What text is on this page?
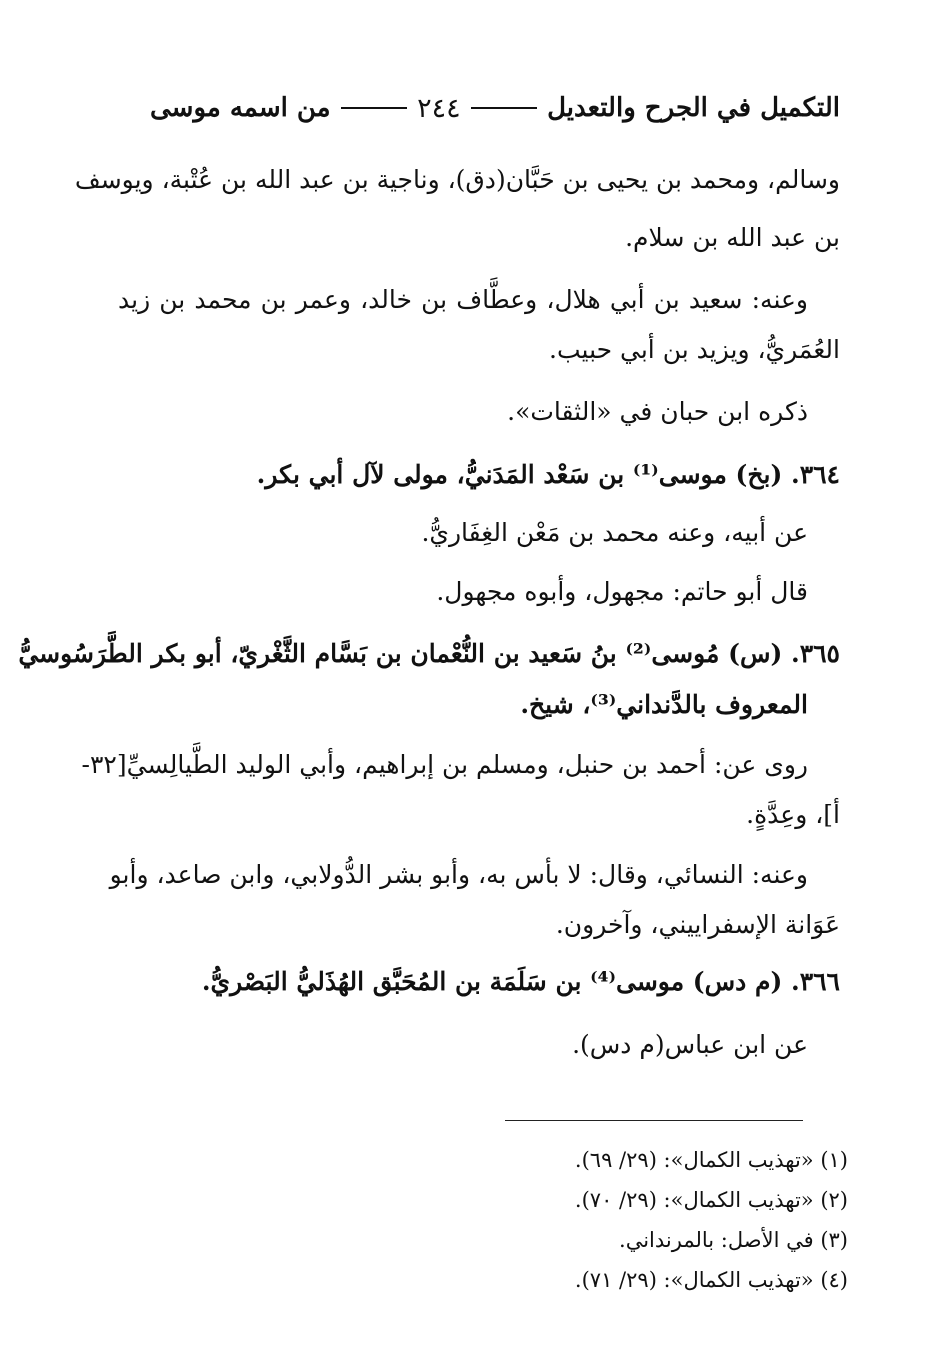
التكميل في الجرح والتعديل
٢٤٤
من اسمه موسى
وسالم، ومحمد بن يحيى بن حَبَّان(دق)، وناجية بن عبد الله بن عُتْبة، ويوسف
بن عبد الله بن سلام.
وعنه: سعيد بن أبي هلال، وعطَّاف بن خالد، وعمر بن محمد بن زيد
العُمَريُّ، ويزيد بن أبي حبيب.
ذكره ابن حبان في «الثقات».
٣٦٤. (بخ) موسى⁽¹⁾ بن سَعْد المَدَنيُّ، مولى لآل أبي بكر.
عن أبيه، وعنه محمد بن مَعْن الغِفَاريُّ.
قال أبو حاتم: مجهول، وأبوه مجهول.
٣٦٥. (س) مُوسى⁽²⁾ بنُ سَعيد بن النُّعْمان بن بَسَّام الثَّغْريّ، أبو بكر الطَّرَسُوسيُّ
المعروف بالدَّنداني⁽³⁾، شيخ.
روى عن: أحمد بن حنبل، ومسلم بن إبراهيم، وأبي الوليد الطَّيالِسيِّ[٣٢-
أ]، وعِدَّةٍ.
وعنه: النسائي، وقال: لا بأس به، وأبو بشر الدُّولابي، وابن صاعد، وأبو
عَوَانة الإسفراييني، وآخرون.
٣٦٦. (م دس) موسى⁽⁴⁾ بن سَلَمَة بن المُحَبَّق الهُذَليُّ البَصْريُّ.
عن ابن عباس(م دس).
(١) «تهذيب الكمال»: (٢٩/ ٦٩).
(٢) «تهذيب الكمال»: (٢٩/ ٧٠).
(٣) في الأصل: بالمرنداني.
(٤) «تهذيب الكمال»: (٢٩/ ٧١).
